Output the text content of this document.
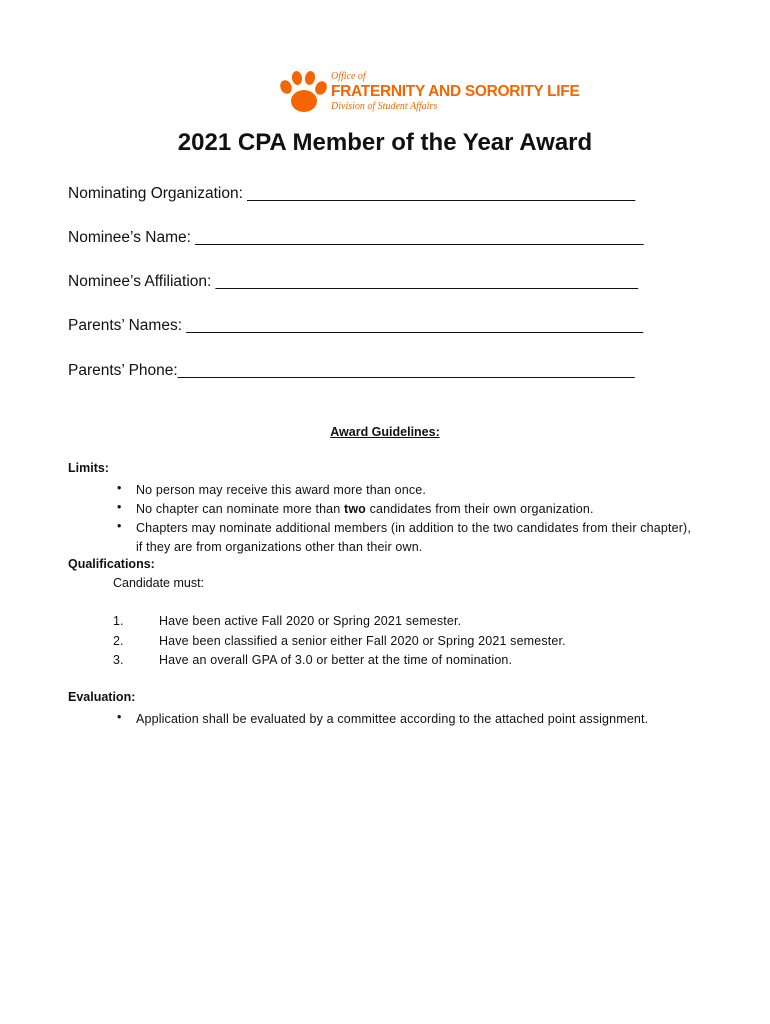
Office of
FRATERNITY AND SORORITY LIFE
Division of Student Affairs
2021 CPA Member of the Year Award
Nominating Organization: _____________________________________________
Nominee’s Name: ____________________________________________________
Nominee’s Affiliation: _________________________________________________
Parents’ Names: _____________________________________________________
Parents’ Phone:_____________________________________________________
Award Guidelines:
Limits:
• No person may receive this award more than once.
• No chapter can nominate more than two candidates from their own organization.
• Chapters may nominate additional members (in addition to the two candidates from their chapter), if they are from organizations other than their own.
Qualifications:
Candidate must:
1.	Have been active Fall 2020 or Spring 2021 semester.
2.	Have been classified a senior either Fall 2020 or Spring 2021 semester.
3.	Have an overall GPA of 3.0 or better at the time of nomination.
Evaluation:
• Application shall be evaluated by a committee according to the attached point assignment.
